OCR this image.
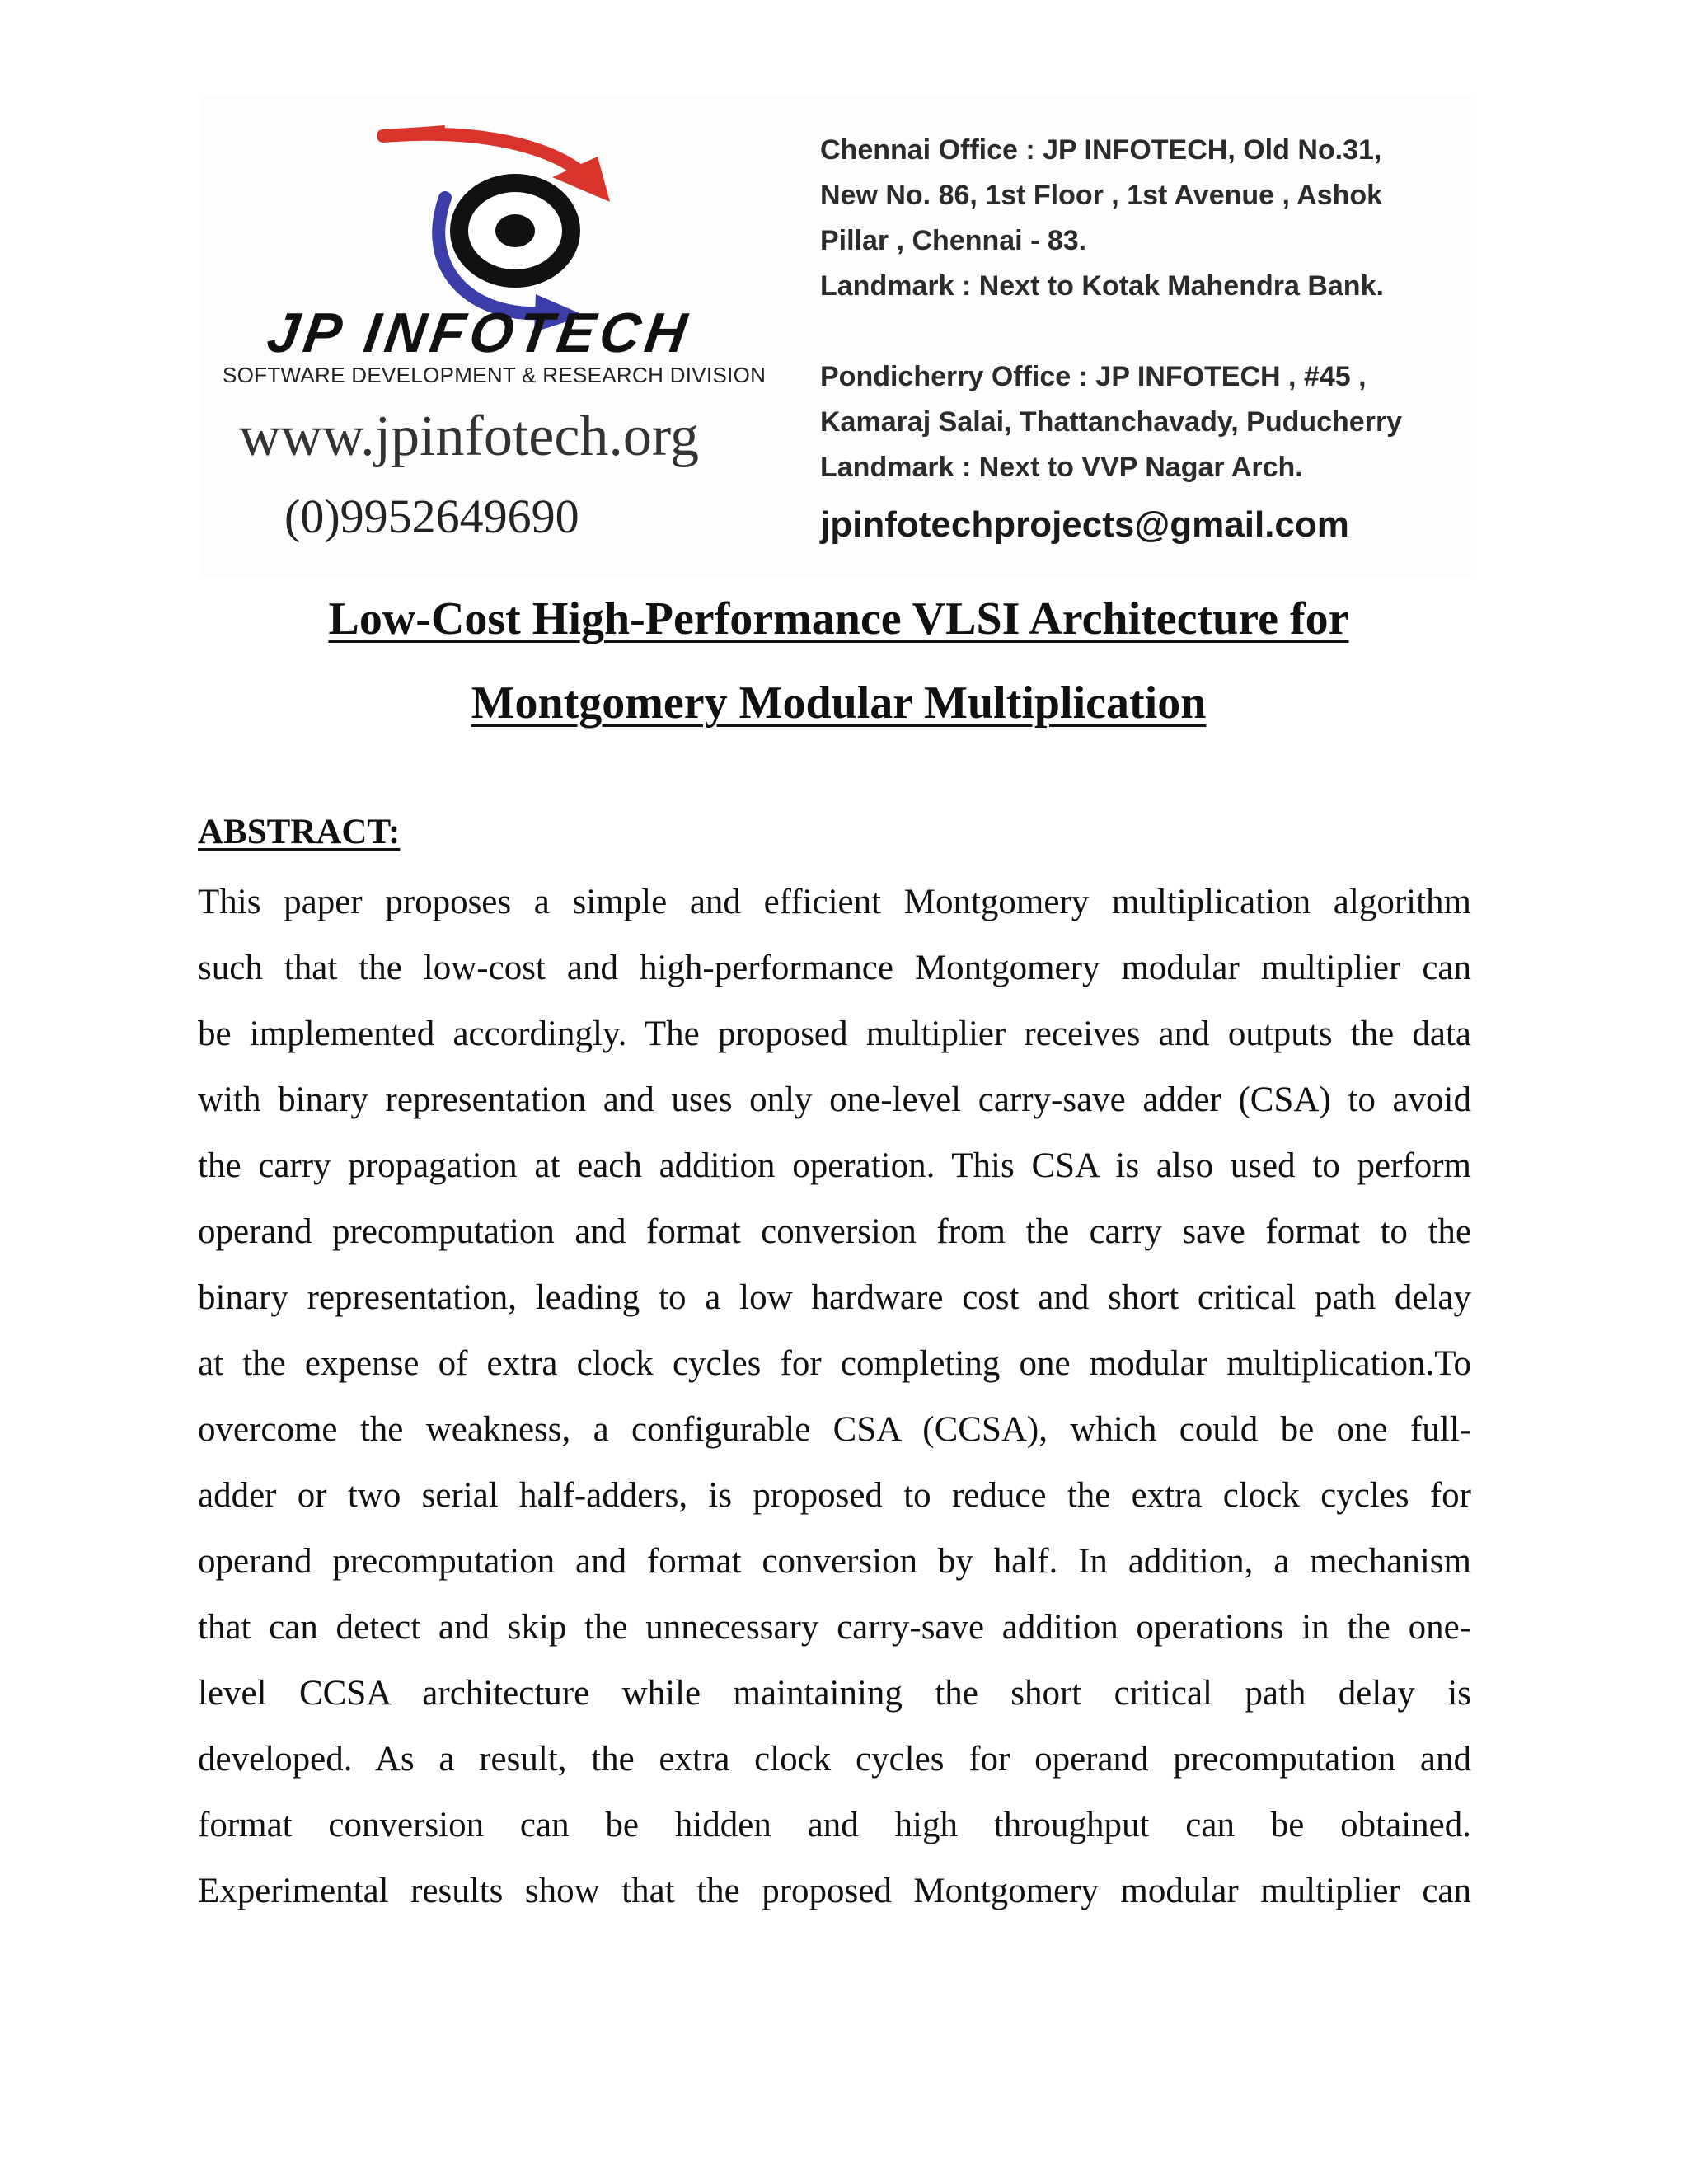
JP INFOTECH
SOFTWARE DEVELOPMENT & RESEARCH DIVISION
www.jpinfotech.org
(0)9952649690
Chennai Office : JP INFOTECH, Old No.31,
New No. 86, 1st Floor , 1st Avenue , Ashok
Pillar , Chennai - 83.
Landmark : Next to Kotak Mahendra Bank.
Pondicherry Office : JP INFOTECH , #45 ,
Kamaraj Salai, Thattanchavady, Puducherry
Landmark : Next to VVP Nagar Arch.
jpinfotechprojects@gmail.com
Low-Cost High-Performance VLSI Architecture for
Montgomery Modular Multiplication
ABSTRACT:
This paper proposes a simple and efficient Montgomery multiplication algorithm
such that the low-cost and high-performance Montgomery modular multiplier can
be implemented accordingly. The proposed multiplier receives and outputs the data
with binary representation and uses only one-level carry-save adder (CSA) to avoid
the carry propagation at each addition operation. This CSA is also used to perform
operand precomputation and format conversion from the carry save format to the
binary representation, leading to a low hardware cost and short critical path delay
at the expense of extra clock cycles for completing one modular multiplication.To
overcome the weakness, a configurable CSA (CCSA), which could be one full-
adder or two serial half-adders, is proposed to reduce the extra clock cycles for
operand precomputation and format conversion by half. In addition, a mechanism
that can detect and skip the unnecessary carry-save addition operations in the one-
level CCSA architecture while maintaining the short critical path delay is
developed. As a result, the extra clock cycles for operand precomputation and
format conversion can be hidden and high throughput can be obtained.
Experimental results show that the proposed Montgomery modular multiplier can
